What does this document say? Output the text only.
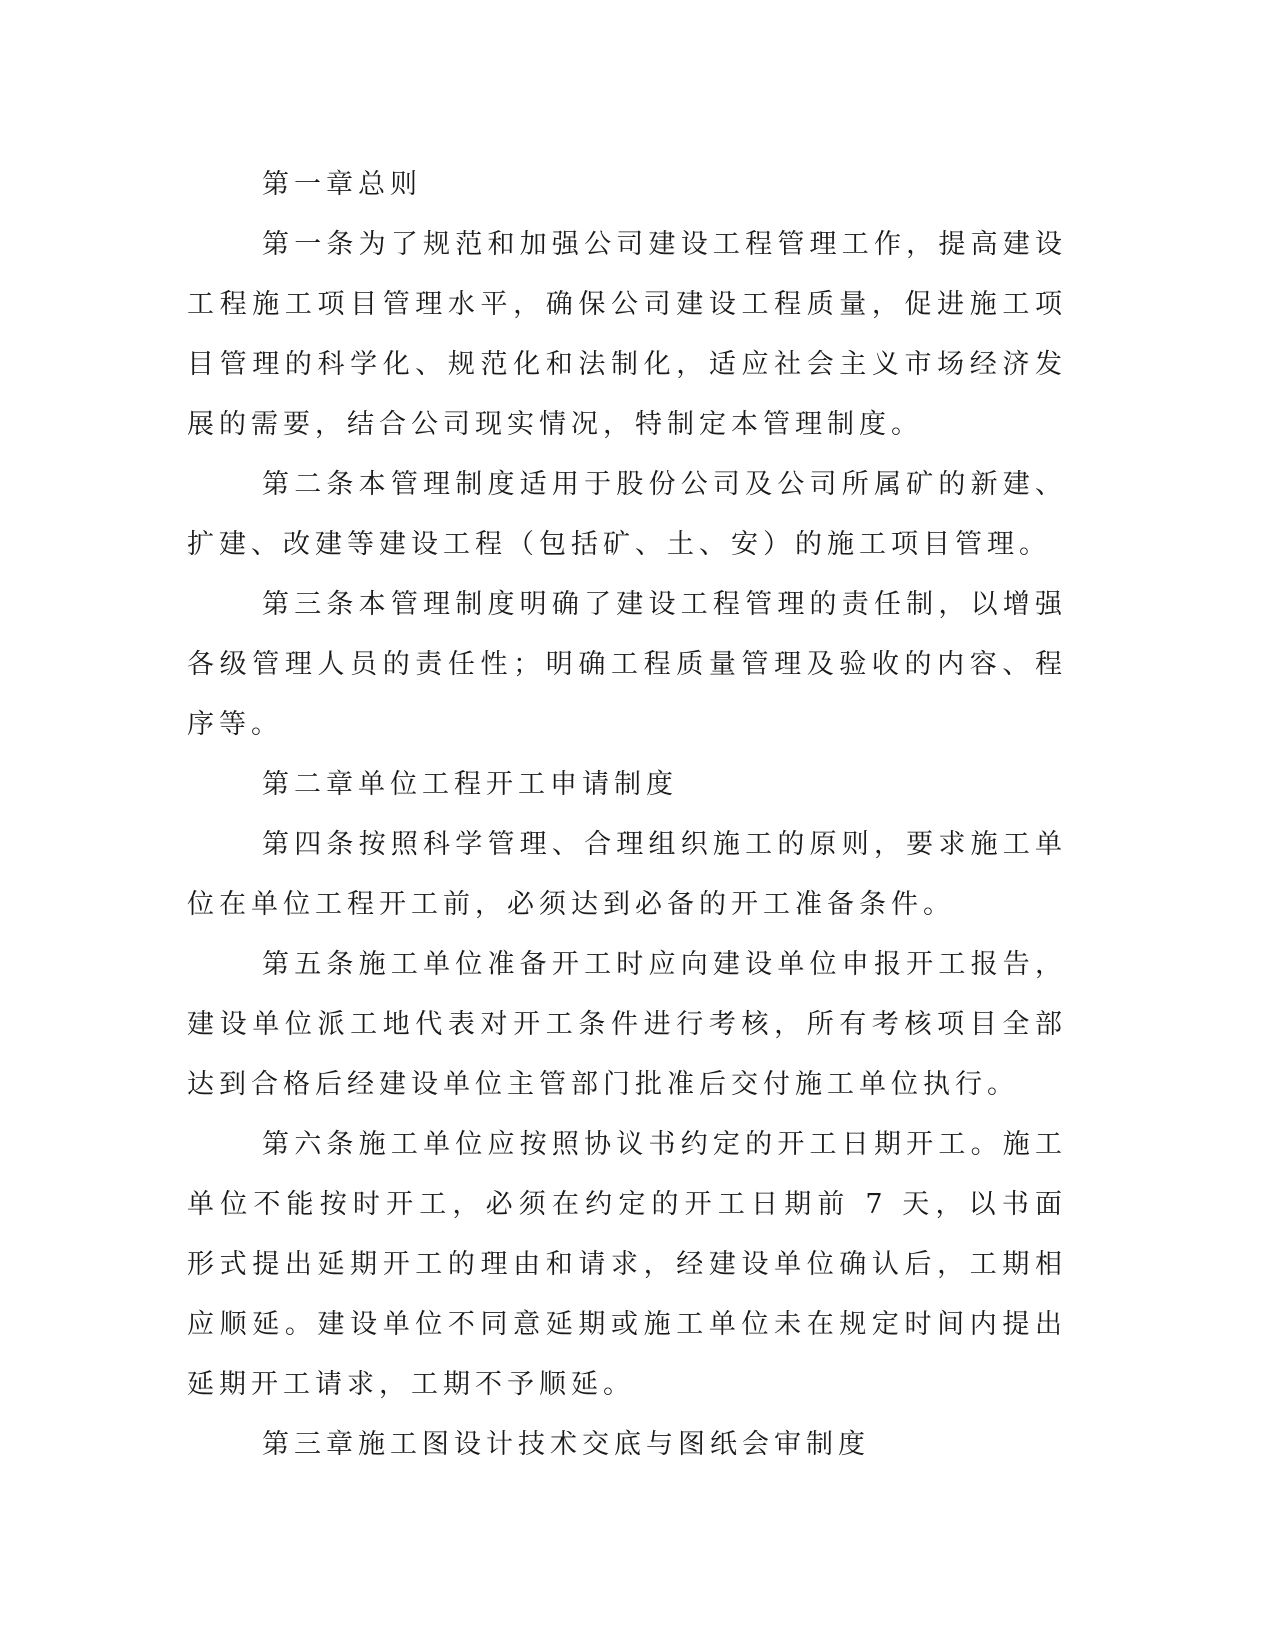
第一章总则

第一条为了规范和加强公司建设工程管理工作，提高建设工程施工项目管理水平，确保公司建设工程质量，促进施工项目管理的科学化、规范化和法制化，适应社会主义市场经济发展的需要，结合公司现实情况，特制定本管理制度。

第二条本管理制度适用于股份公司及公司所属矿的新建、扩建、改建等建设工程（包括矿、土、安）的施工项目管理。

第三条本管理制度明确了建设工程管理的责任制，以增强各级管理人员的责任性；明确工程质量管理及验收的内容、程序等。

第二章单位工程开工申请制度

第四条按照科学管理、合理组织施工的原则，要求施工单位在单位工程开工前，必须达到必备的开工准备条件。

第五条施工单位准备开工时应向建设单位申报开工报告，建设单位派工地代表对开工条件进行考核，所有考核项目全部达到合格后经建设单位主管部门批准后交付施工单位执行。

第六条施工单位应按照协议书约定的开工日期开工。施工单位不能按时开工，必须在约定的开工日期前 7 天，以书面形式提出延期开工的理由和请求，经建设单位确认后，工期相应顺延。建设单位不同意延期或施工单位未在规定时间内提出延期开工请求，工期不予顺延。

第三章施工图设计技术交底与图纸会审制度
